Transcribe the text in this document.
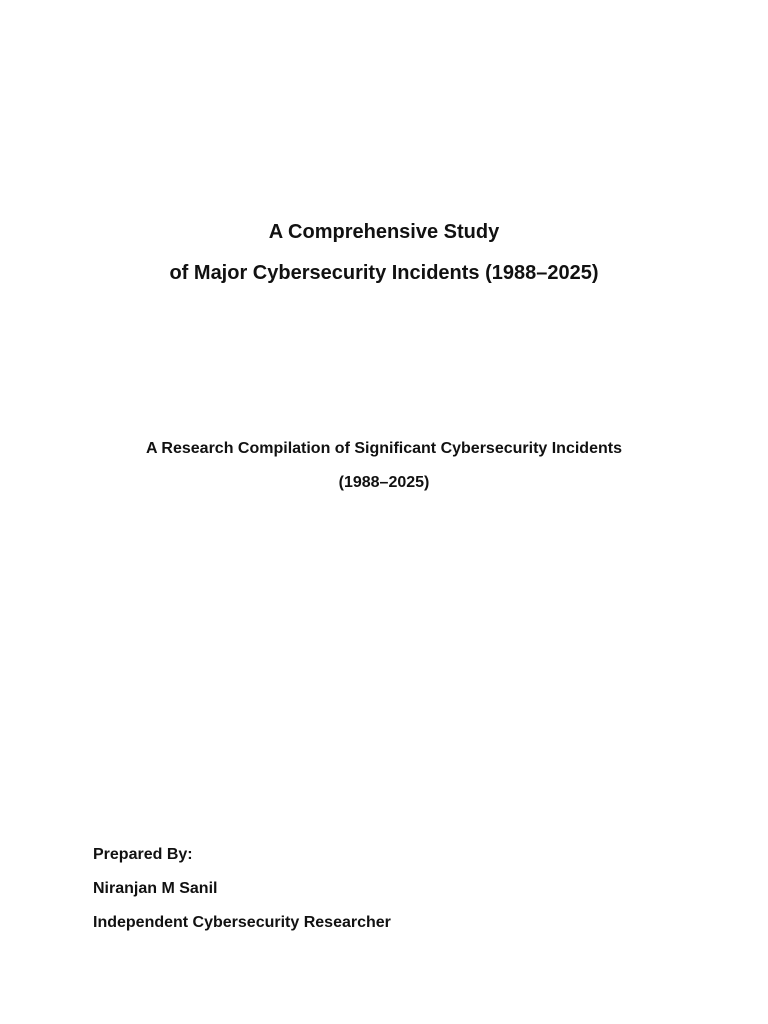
A Comprehensive Study

of Major Cybersecurity Incidents (1988–2025)

A Research Compilation of Significant Cybersecurity Incidents

(1988–2025)

Prepared By:

Niranjan M Sanil

Independent Cybersecurity Researcher
